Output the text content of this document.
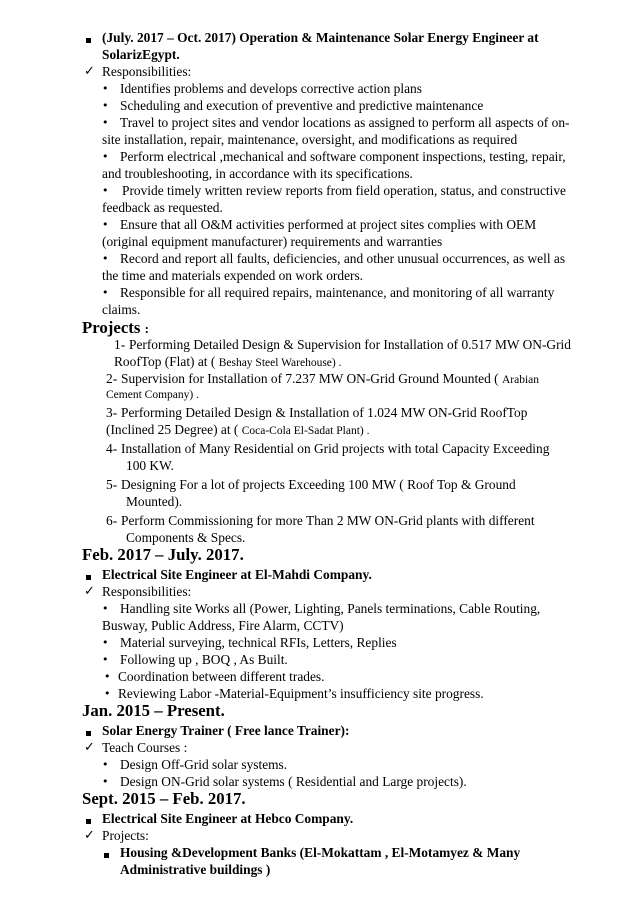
(July. 2017 – Oct. 2017) Operation & Maintenance Solar Energy Engineer at
SolarizEgypt.
✓ Responsibilities:
• Identifies problems and develops corrective action plans
• Scheduling and execution of preventive and predictive maintenance
• Travel to project sites and vendor locations as assigned to perform all aspects of on-
site installation, repair, maintenance, oversight, and modifications as required
• Perform electrical ,mechanical and software component inspections, testing, repair,
and troubleshooting, in accordance with its specifications.
• Provide timely written review reports from field operation, status, and constructive
feedback as requested.
• Ensure that all O&M activities performed at project sites complies with OEM
(original equipment manufacturer) requirements and warranties
• Record and report all faults, deficiencies, and other unusual occurrences, as well as
the time and materials expended on work orders.
• Responsible for all required repairs, maintenance, and monitoring of all warranty
claims.
Projects :
1- Performing Detailed Design & Supervision for Installation of 0.517 MW ON-Grid
RoofTop (Flat) at ( Beshay Steel Warehouse) .
2- Supervision for Installation of 7.237 MW ON-Grid Ground Mounted ( Arabian
Cement Company) .
3- Performing Detailed Design & Installation of 1.024 MW ON-Grid RoofTop
(Inclined 25 Degree) at ( Coca-Cola El-Sadat Plant) .
4- Installation of Many Residential on Grid projects with total Capacity Exceeding
100 KW.
5- Designing For a lot of projects Exceeding 100 MW ( Roof Top & Ground
Mounted).
6- Perform Commissioning for more Than 2 MW ON-Grid plants with different
Components & Specs.
Feb. 2017 – July. 2017.
Electrical Site Engineer at El-Mahdi Company.
✓ Responsibilities:
• Handling site Works all (Power, Lighting, Panels terminations, Cable Routing,
Busway, Public Address, Fire Alarm, CCTV)
• Material surveying, technical RFIs, Letters, Replies
• Following up , BOQ , As Built.
• Coordination between different trades.
• Reviewing Labor -Material-Equipment’s insufficiency site progress.
Jan. 2015 – Present.
Solar Energy Trainer ( Free lance Trainer):
✓ Teach Courses :
• Design Off-Grid solar systems.
• Design ON-Grid solar systems ( Residential and Large projects).
Sept. 2015 – Feb. 2017.
Electrical Site Engineer at Hebco Company.
✓ Projects:
Housing &Development Banks (El-Mokattam , El-Motamyez & Many
Administrative buildings )
